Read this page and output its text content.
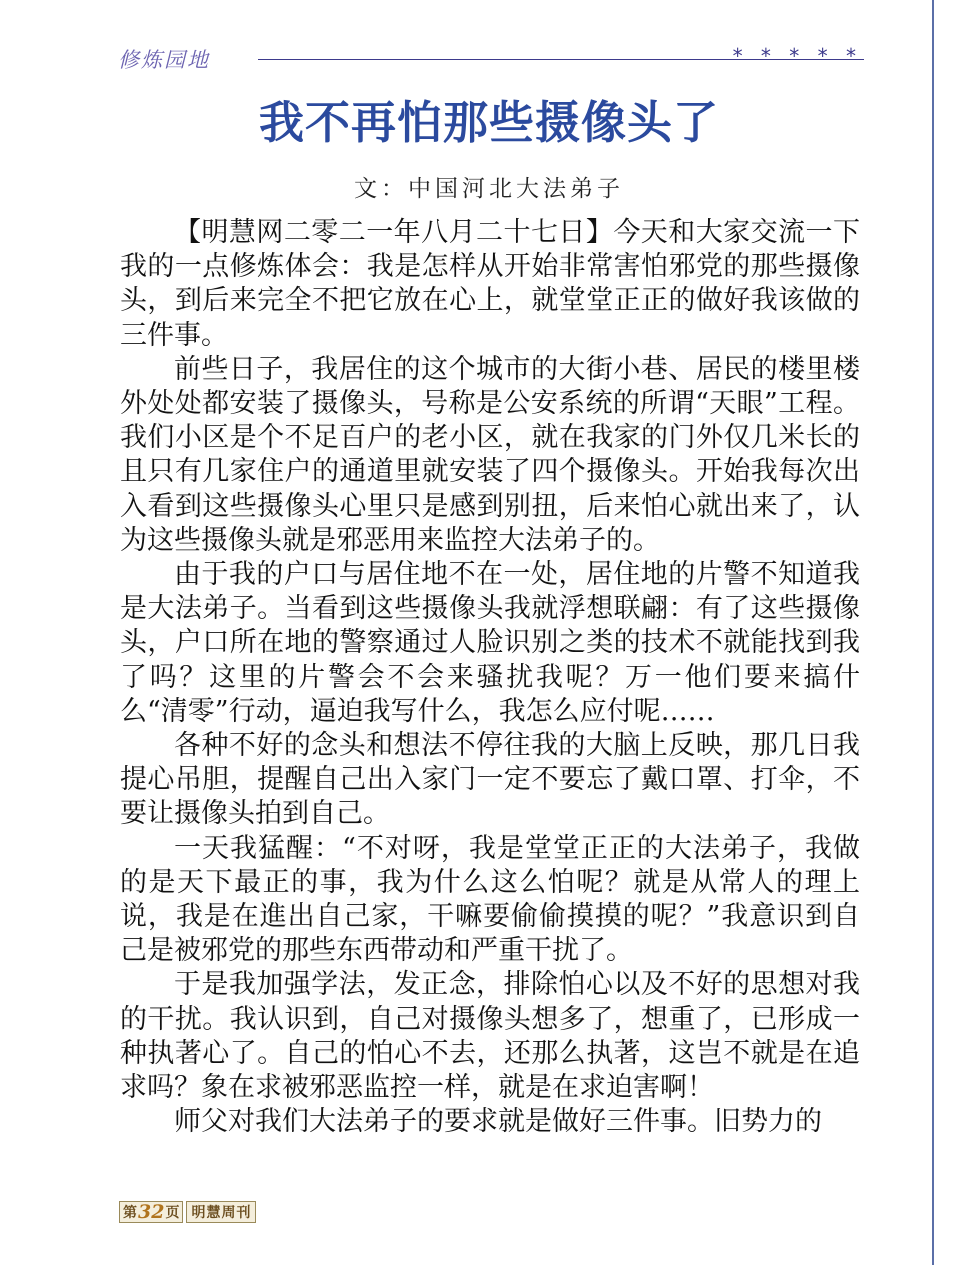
修炼园地	* * * * *
我不再怕那些摄像头了
文：中国河北大法弟子

【明慧网二零二一年八月二十七日】今天和大家交流一下我的一点修炼体会：我是怎样从开始非常害怕邪党的那些摄像头，到后来完全不把它放在心上，就堂堂正正的做好我该做的三件事。

前些日子，我居住的这个城市的大街小巷、居民的楼里楼外处处都安装了摄像头，号称是公安系统的所谓“天眼”工程。我们小区是个不足百户的老小区，就在我家的门外仅几米长的且只有几家住户的通道里就安装了四个摄像头。开始我每次出入看到这些摄像头心里只是感到别扭，后来怕心就出来了，认为这些摄像头就是邪恶用来监控大法弟子的。

由于我的户口与居住地不在一处，居住地的片警不知道我是大法弟子。当看到这些摄像头我就浮想联翩：有了这些摄像头，户口所在地的警察通过人脸识别之类的技术不就能找到我了吗？这里的片警会不会来骚扰我呢？万一他们要来搞什么“清零”行动，逼迫我写什么，我怎么应付呢……

各种不好的念头和想法不停往我的大脑上反映，那几日我提心吊胆，提醒自己出入家门一定不要忘了戴口罩、打伞，不要让摄像头拍到自己。

一天我猛醒：“不对呀，我是堂堂正正的大法弟子，我做的是天下最正的事，我为什么这么怕呢？就是从常人的理上说，我是在進出自己家，干嘛要偷偷摸摸的呢？”我意识到自己是被邪党的那些东西带动和严重干扰了。

于是我加强学法，发正念，排除怕心以及不好的思想对我的干扰。我认识到，自己对摄像头想多了，想重了，已形成一种执著心了。自己的怕心不去，还那么执著，这岂不就是在追求吗？象在求被邪恶监控一样，就是在求迫害啊！

师父对我们大法弟子的要求就是做好三件事。旧势力的

第 32 页 明慧周刊
